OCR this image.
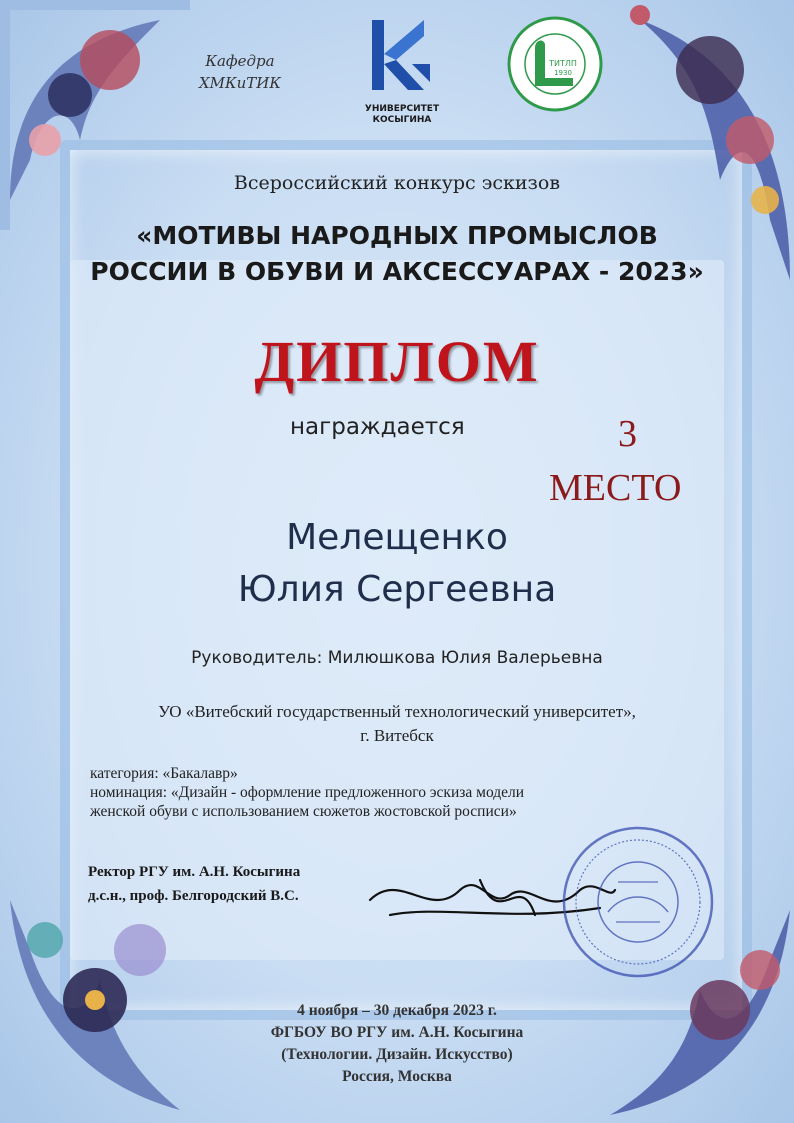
Кафедра
ХМКиТИК
УНИВЕРСИТЕТ
КОСЫГИНА
ТИТЛП
1930
Всероссийский конкурс эскизов
«МОТИВЫ НАРОДНЫХ ПРОМЫСЛОВ
РОССИИ В ОБУВИ И АКСЕССУАРАХ - 2023»
ДИПЛОМ
награждается	3
МЕСТО
Мелещенко
Юлия Сергеевна
Руководитель: Милюшкова Юлия Валерьевна
УО «Витебский государственный технологический университет»,
г. Витебск
категория: «Бакалавр»
номинация: «Дизайн - оформление предложенного эскиза модели
женской обуви с использованием сюжетов жостовской росписи»
Ректор РГУ им. А.Н. Косыгина
д.с.н., проф. Белгородский В.С.
4 ноября – 30 декабря 2023 г.
ФГБОУ ВО РГУ им. А.Н. Косыгина
(Технологии. Дизайн. Искусство)
Россия, Москва
